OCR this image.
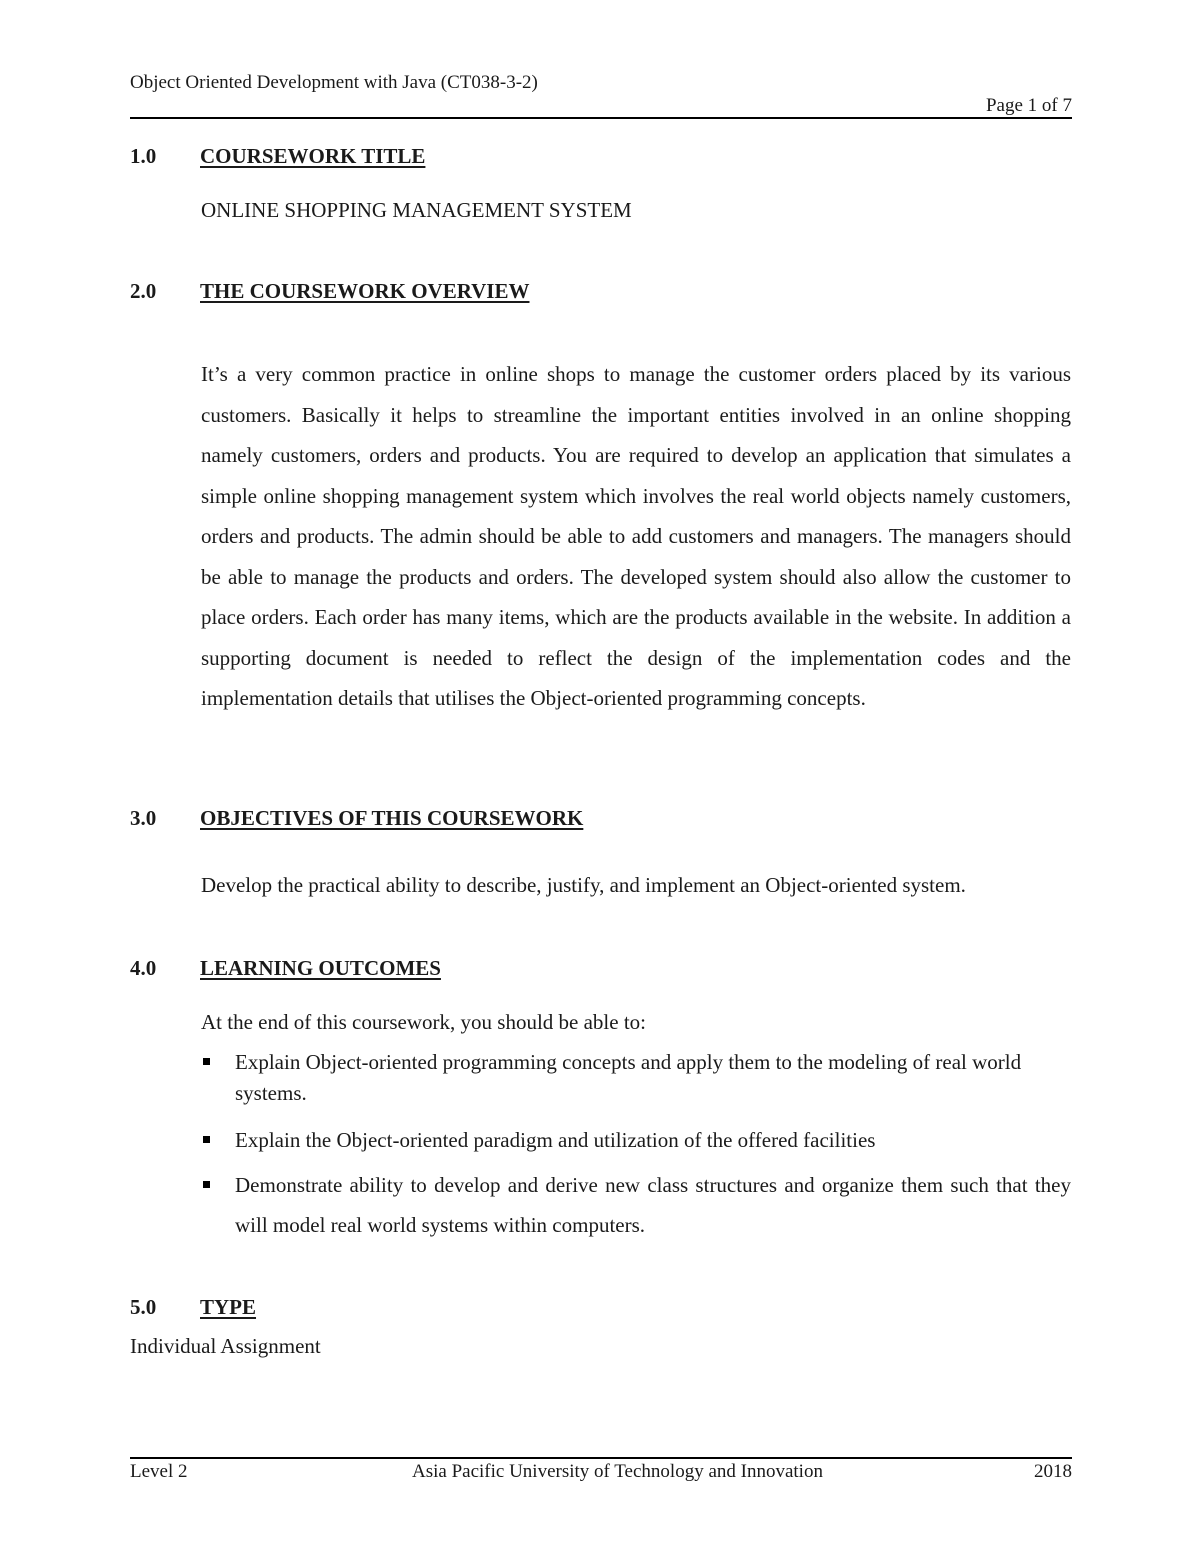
Object Oriented Development with Java (CT038-3-2)
Page 1 of 7
1.0 COURSEWORK TITLE
ONLINE SHOPPING MANAGEMENT SYSTEM
2.0 THE COURSEWORK OVERVIEW
It’s a very common practice in online shops to manage the customer orders placed by its various customers. Basically it helps to streamline the important entities involved in an online shopping namely customers, orders and products. You are required to develop an application that simulates a simple online shopping management system which involves the real world objects namely customers, orders and products. The admin should be able to add customers and managers. The managers should be able to manage the products and orders. The developed system should also allow the customer to place orders. Each order has many items, which are the products available in the website. In addition a supporting document is needed to reflect the design of the implementation codes and the implementation details that utilises the Object-oriented programming concepts.
3.0 OBJECTIVES OF THIS COURSEWORK
Develop the practical ability to describe, justify, and implement an Object-oriented system.
4.0 LEARNING OUTCOMES
At the end of this coursework, you should be able to:
Explain Object-oriented programming concepts and apply them to the modeling of real world systems.
Explain the Object-oriented paradigm and utilization of the offered facilities
Demonstrate ability to develop and derive new class structures and organize them such that they will model real world systems within computers.
5.0 TYPE
Individual Assignment
Level 2	Asia Pacific University of Technology and Innovation	2018
